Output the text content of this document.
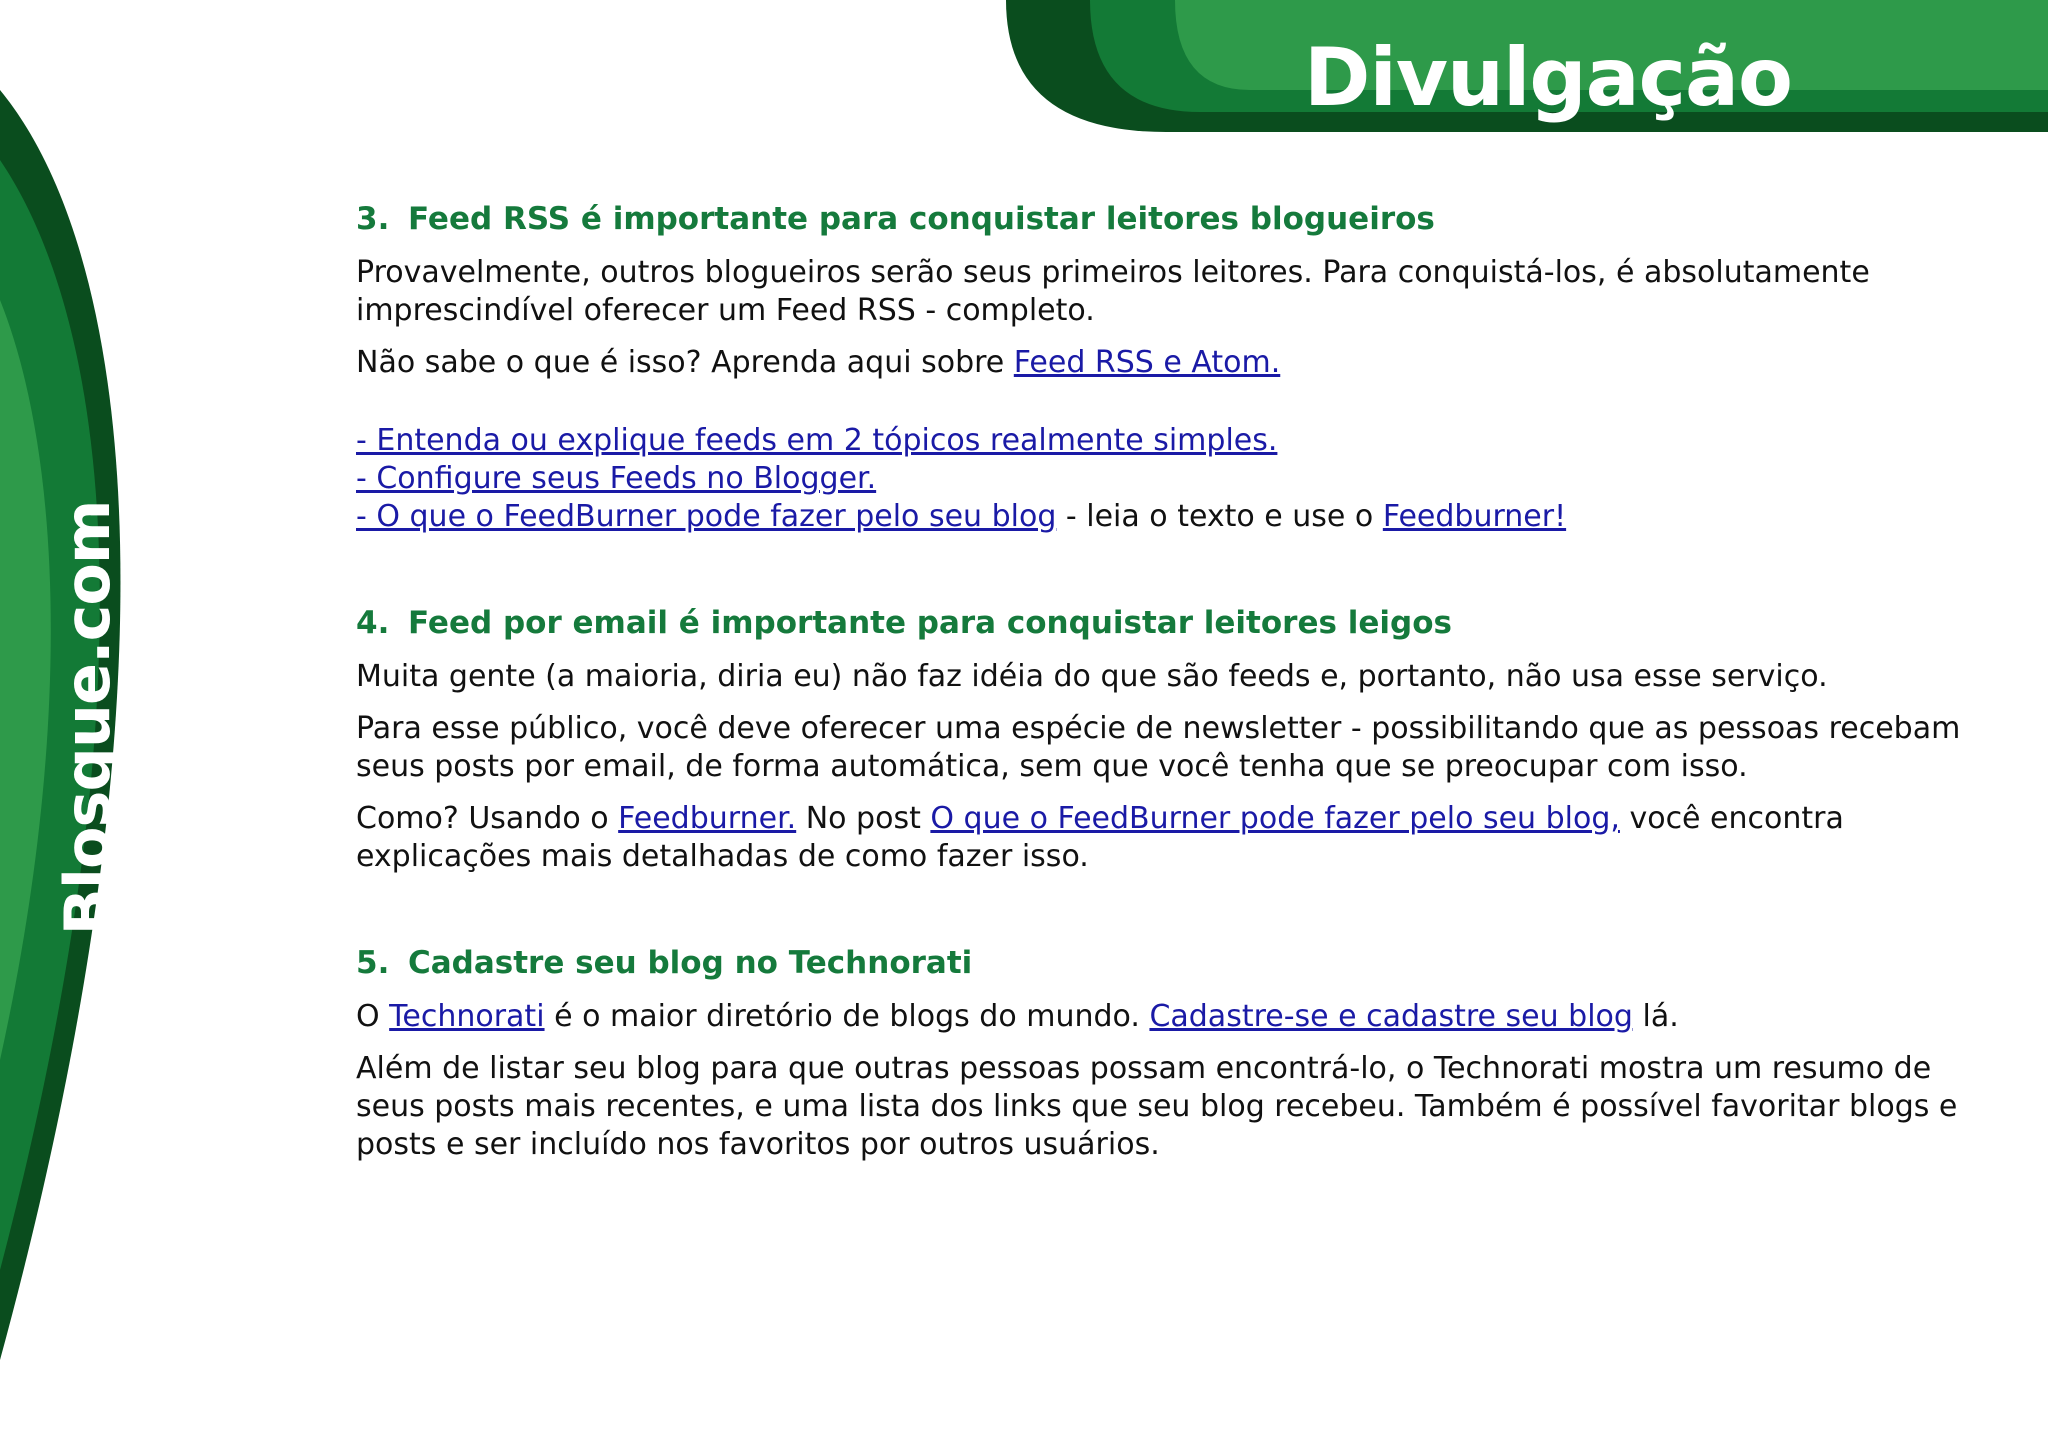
Divulgação
Blosque.com
3. Feed RSS é importante para conquistar leitores blogueiros

Provavelmente, outros blogueiros serão seus primeiros leitores. Para conquistá-los, é absolutamente imprescindível oferecer um Feed RSS - completo.

Não sabe o que é isso? Aprenda aqui sobre Feed RSS e Atom.

- Entenda ou explique feeds em 2 tópicos realmente simples.
- Configure seus Feeds no Blogger.
- O que o FeedBurner pode fazer pelo seu blog - leia o texto e use o Feedburner!
4. Feed por email é importante para conquistar leitores leigos

Muita gente (a maioria, diria eu) não faz idéia do que são feeds e, portanto, não usa esse serviço.

Para esse público, você deve oferecer uma espécie de newsletter - possibilitando que as pessoas recebam seus posts por email, de forma automática, sem que você tenha que se preocupar com isso.

Como? Usando o Feedburner. No post O que o FeedBurner pode fazer pelo seu blog, você encontra explicações mais detalhadas de como fazer isso.

5. Cadastre seu blog no Technorati

O Technorati é o maior diretório de blogs do mundo. Cadastre-se e cadastre seu blog lá.

Além de listar seu blog para que outras pessoas possam encontrá-lo, o Technorati mostra um resumo de seus posts mais recentes, e uma lista dos links que seu blog recebeu. Também é possível favoritar blogs e posts e ser incluído nos favoritos por outros usuários.
